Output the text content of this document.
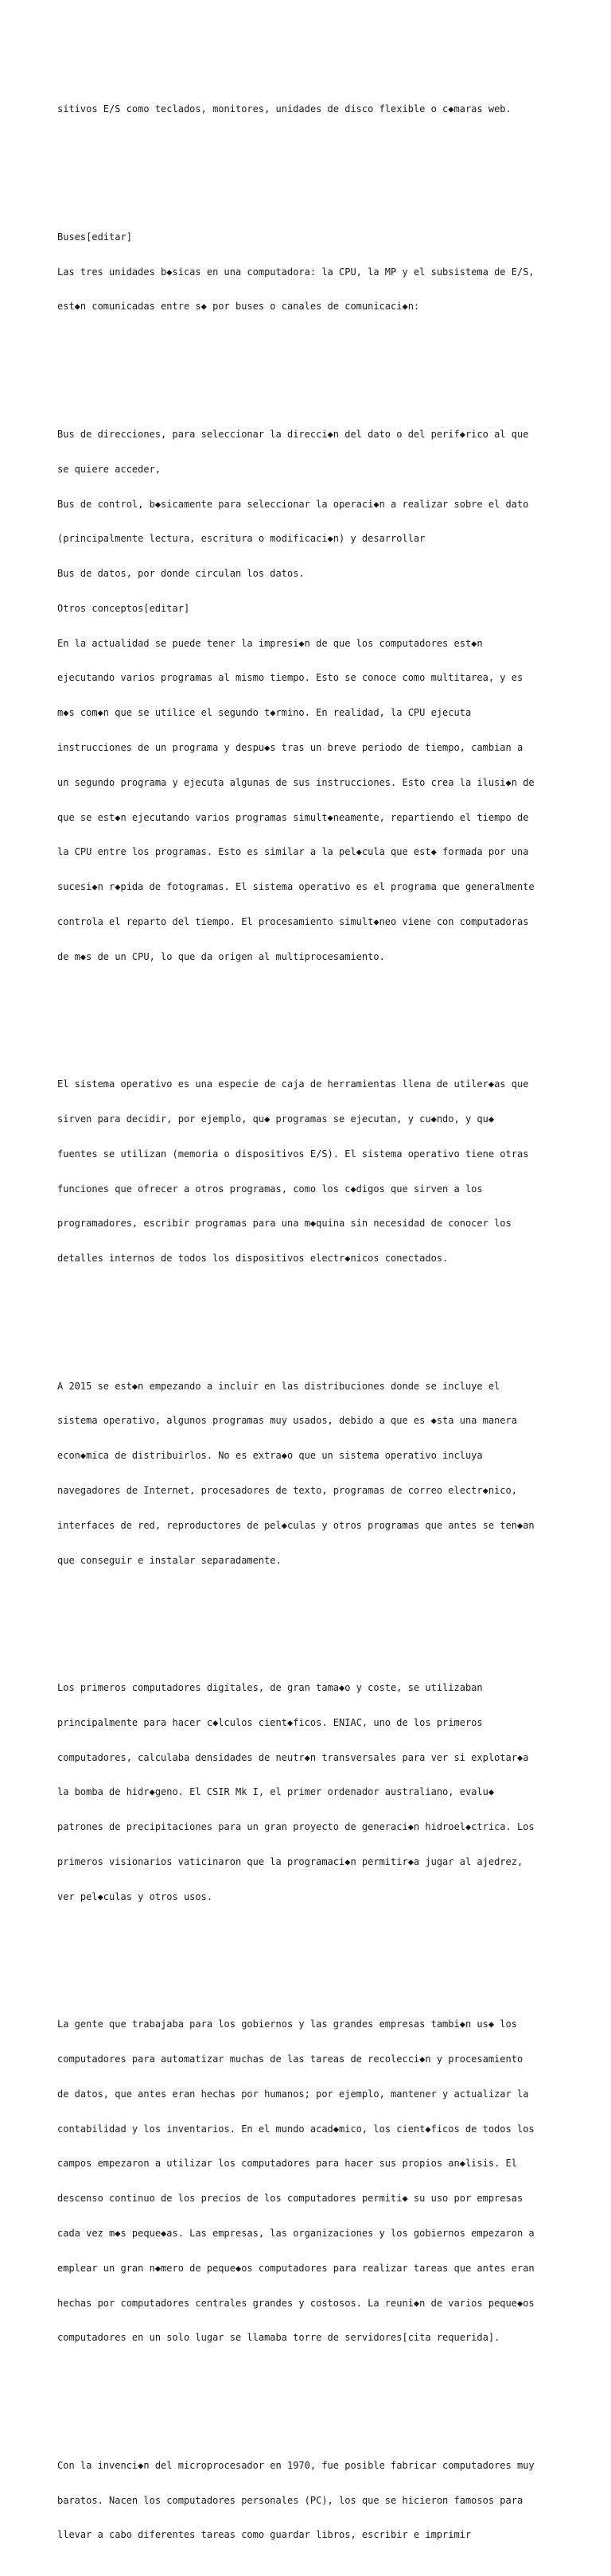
sitivos E/S como teclados, monitores, unidades de disco flexible o c◆maras web.

Buses[editar]

Las tres unidades b◆sicas en una computadora: la CPU, la MP y el subsistema de E/S,

est◆n comunicadas entre s◆ por buses o canales de comunicaci◆n:

Bus de direcciones, para seleccionar la direcci◆n del dato o del perif◆rico al que

se quiere acceder,

Bus de control, b◆sicamente para seleccionar la operaci◆n a realizar sobre el dato

(principalmente lectura, escritura o modificaci◆n) y desarrollar

Bus de datos, por donde circulan los datos.

Otros conceptos[editar]

En la actualidad se puede tener la impresi◆n de que los computadores est◆n

ejecutando varios programas al mismo tiempo. Esto se conoce como multitarea, y es

m◆s com◆n que se utilice el segundo t◆rmino. En realidad, la CPU ejecuta

instrucciones de un programa y despu◆s tras un breve periodo de tiempo, cambian a

un segundo programa y ejecuta algunas de sus instrucciones. Esto crea la ilusi◆n de

que se est◆n ejecutando varios programas simult◆neamente, repartiendo el tiempo de

la CPU entre los programas. Esto es similar a la pel◆cula que est◆ formada por una

sucesi◆n r◆pida de fotogramas. El sistema operativo es el programa que generalmente

controla el reparto del tiempo. El procesamiento simult◆neo viene con computadoras

de m◆s de un CPU, lo que da origen al multiprocesamiento.

El sistema operativo es una especie de caja de herramientas llena de utiler◆as que

sirven para decidir, por ejemplo, qu◆ programas se ejecutan, y cu◆ndo, y qu◆

fuentes se utilizan (memoria o dispositivos E/S). El sistema operativo tiene otras

funciones que ofrecer a otros programas, como los c◆digos que sirven a los

programadores, escribir programas para una m◆quina sin necesidad de conocer los

detalles internos de todos los dispositivos electr◆nicos conectados.

A 2015 se est◆n empezando a incluir en las distribuciones donde se incluye el

sistema operativo, algunos programas muy usados, debido a que es ◆sta una manera

econ◆mica de distribuirlos. No es extra◆o que un sistema operativo incluya

navegadores de Internet, procesadores de texto, programas de correo electr◆nico,

interfaces de red, reproductores de pel◆culas y otros programas que antes se ten◆an

que conseguir e instalar separadamente.

Los primeros computadores digitales, de gran tama◆o y coste, se utilizaban

principalmente para hacer c◆lculos cient◆ficos. ENIAC, uno de los primeros

computadores, calculaba densidades de neutr◆n transversales para ver si explotar◆a

la bomba de hidr◆geno. El CSIR Mk I, el primer ordenador australiano, evalu◆

patrones de precipitaciones para un gran proyecto de generaci◆n hidroel◆ctrica. Los

primeros visionarios vaticinaron que la programaci◆n permitir◆a jugar al ajedrez,

ver pel◆culas y otros usos.

La gente que trabajaba para los gobiernos y las grandes empresas tambi◆n us◆ los

computadores para automatizar muchas de las tareas de recolecci◆n y procesamiento

de datos, que antes eran hechas por humanos; por ejemplo, mantener y actualizar la

contabilidad y los inventarios. En el mundo acad◆mico, los cient◆ficos de todos los

campos empezaron a utilizar los computadores para hacer sus propios an◆lisis. El

descenso continuo de los precios de los computadores permiti◆ su uso por empresas

cada vez m◆s peque◆as. Las empresas, las organizaciones y los gobiernos empezaron a

emplear un gran n◆mero de peque◆os computadores para realizar tareas que antes eran

hechas por computadores centrales grandes y costosos. La reuni◆n de varios peque◆os

computadores en un solo lugar se llamaba torre de servidores[cita requerida].

Con la invenci◆n del microprocesador en 1970, fue posible fabricar computadores muy

baratos. Nacen los computadores personales (PC), los que se hicieron famosos para

llevar a cabo diferentes tareas como guardar libros, escribir e imprimir
